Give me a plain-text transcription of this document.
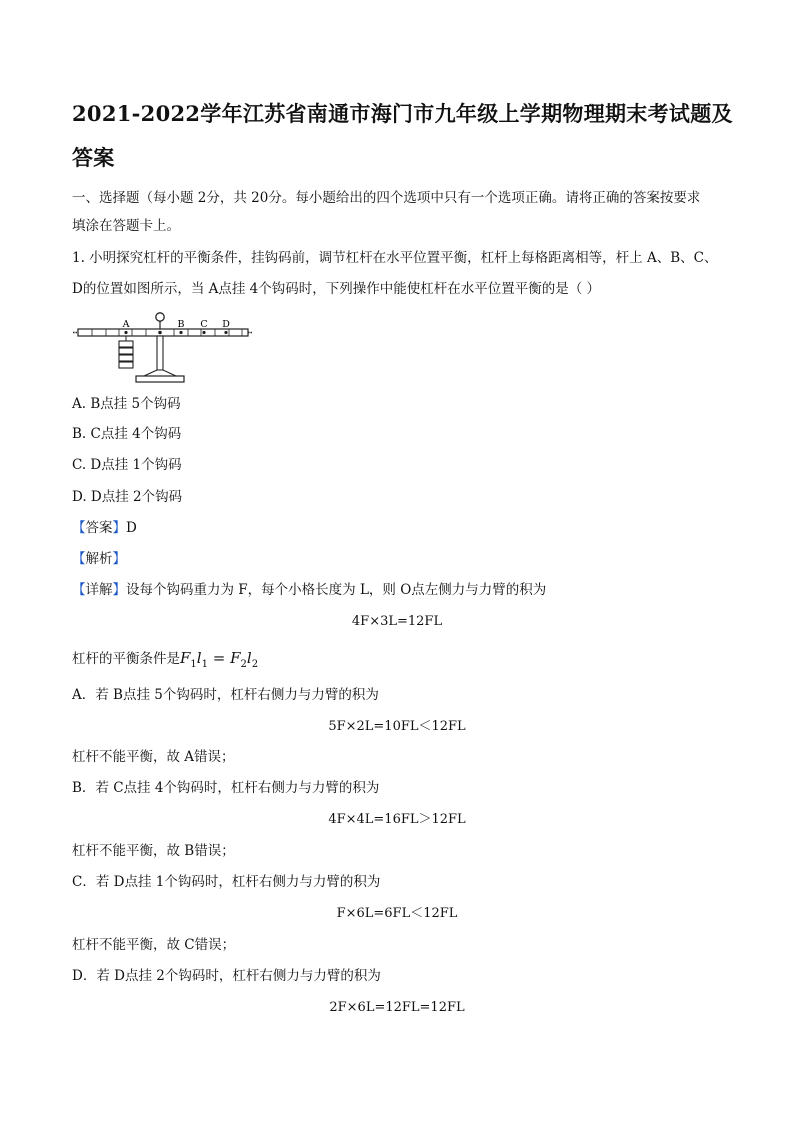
2021-2022学年江苏省南通市海门市九年级上学期物理期末考试题及
答案
一、选择题（每小题 2分，共 20分。每小题给出的四个选项中只有一个选项正确。请将正确的答案按要求
填涂在答题卡上。
1. 小明探究杠杆的平衡条件，挂钩码前，调节杠杆在水平位置平衡，杠杆上每格距离相等，杆上 A、B、C、
D的位置如图所示，当 A点挂 4个钩码时，下列操作中能使杠杆在水平位置平衡的是（ ）
A	B C D
A. B点挂 5个钩码
B. C点挂 4个钩码
C. D点挂 1个钩码
D. D点挂 2个钩码
【答案】D
【解析】
【详解】设每个钩码重力为 F，每个小格长度为 L，则 O点左侧力与力臂的积为
4F×3L=12FL
杠杆的平衡条件是$F_1l_1 = F_2l_2$
A．若 B点挂 5个钩码时，杠杆右侧力与力臂的积为
5F×2L=10FL＜12FL
杠杆不能平衡，故 A错误；
B．若 C点挂 4个钩码时，杠杆右侧力与力臂的积为
4F×4L=16FL＞12FL
杠杆不能平衡，故 B错误；
C．若 D点挂 1个钩码时，杠杆右侧力与力臂的积为
F×6L=6FL＜12FL
杠杆不能平衡，故 C错误；
D．若 D点挂 2个钩码时，杠杆右侧力与力臂的积为
2F×6L=12FL=12FL
